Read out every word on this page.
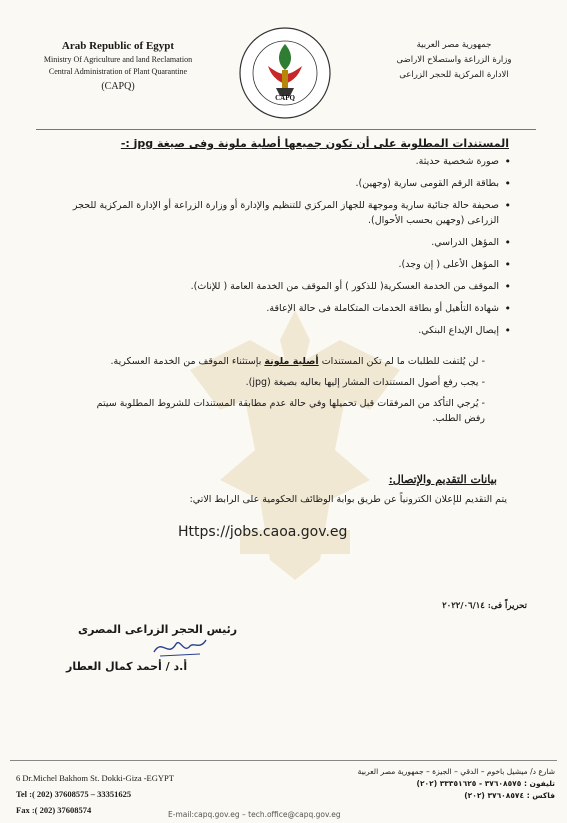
Arab Republic of Egypt
Ministry Of Agriculture and land Reclamation
Central Administration of Plant Quarantine
(CAPQ)
CAPQ
جمهورية مصر العربية
وزارة الزراعة واستصلاح الاراضى
الادارة المركزية للحجر الزراعى
المستندات المطلوبة على أن تكون جميعها أصلية ملونة وفى صيغة jpg :-
• صورة شخصية حديثة.
• بطاقة الرقم القومى سارية (وجهين).
• صحيفة حالة جنائية سارية وموجهة للجهاز المركزي للتنظيم والإدارة أو وزارة الزراعة أو الإدارة المركزية للحجر الزراعى (وجهين بحسب الأحوال).
• المؤهل الدراسي.
• المؤهل الأعلى ( إن وجد).
• الموقف من الخدمة العسكرية( للذكور ) أو الموقف من الخدمة العامة ( للإناث).
• شهادة التأهيل أو بطاقة الخدمات المتكاملة فى حالة الإعاقة.
• إيصال الإيداع البنكي.

- لن يُلتفت للطلبات ما لم تكن المستندات أصلية ملونة بإستثناء الموقف من الخدمة العسكرية.

- يجب رفع أصول المستندات المشار إليها بعاليه بصيغة (jpg).

- يُرجي التأكد من المرفقات قبل تحميلها وفي حالة عدم مطابقة المستندات للشروط المطلوبة سيتم رفض الطلب.

بيانات التقديم والإتصال:
يتم التقديم للإعلان الكترونياً عن طريق بوابة الوظائف الحكومية على الرابط الاتي:
Https://jobs.caoa.gov.eg
تحريراً فى: ٢٠٢٢/٠٦/١٤
رئيس الحجر الزراعى المصرى
أ.د / أحمد كمال العطار
6 Dr.Michel Bakhom St. Dokki-Giza -EGYPT
Tel :( 202) 37608575 – 33351625
Fax :( 202) 37608574
شارع د/ ميشيل باخوم – الدقي – الجيزة – جمهورية مصر العربية
تليفون : ٣٧٦٠٨٥٧٥ - ٣٣٣٥١٦٢٥ (٢٠٢)
فاكس : ٣٧٦٠٨٥٧٤ (٢٠٢)
E-mail:capq.gov.eg – tech.office@capq.gov.eg
